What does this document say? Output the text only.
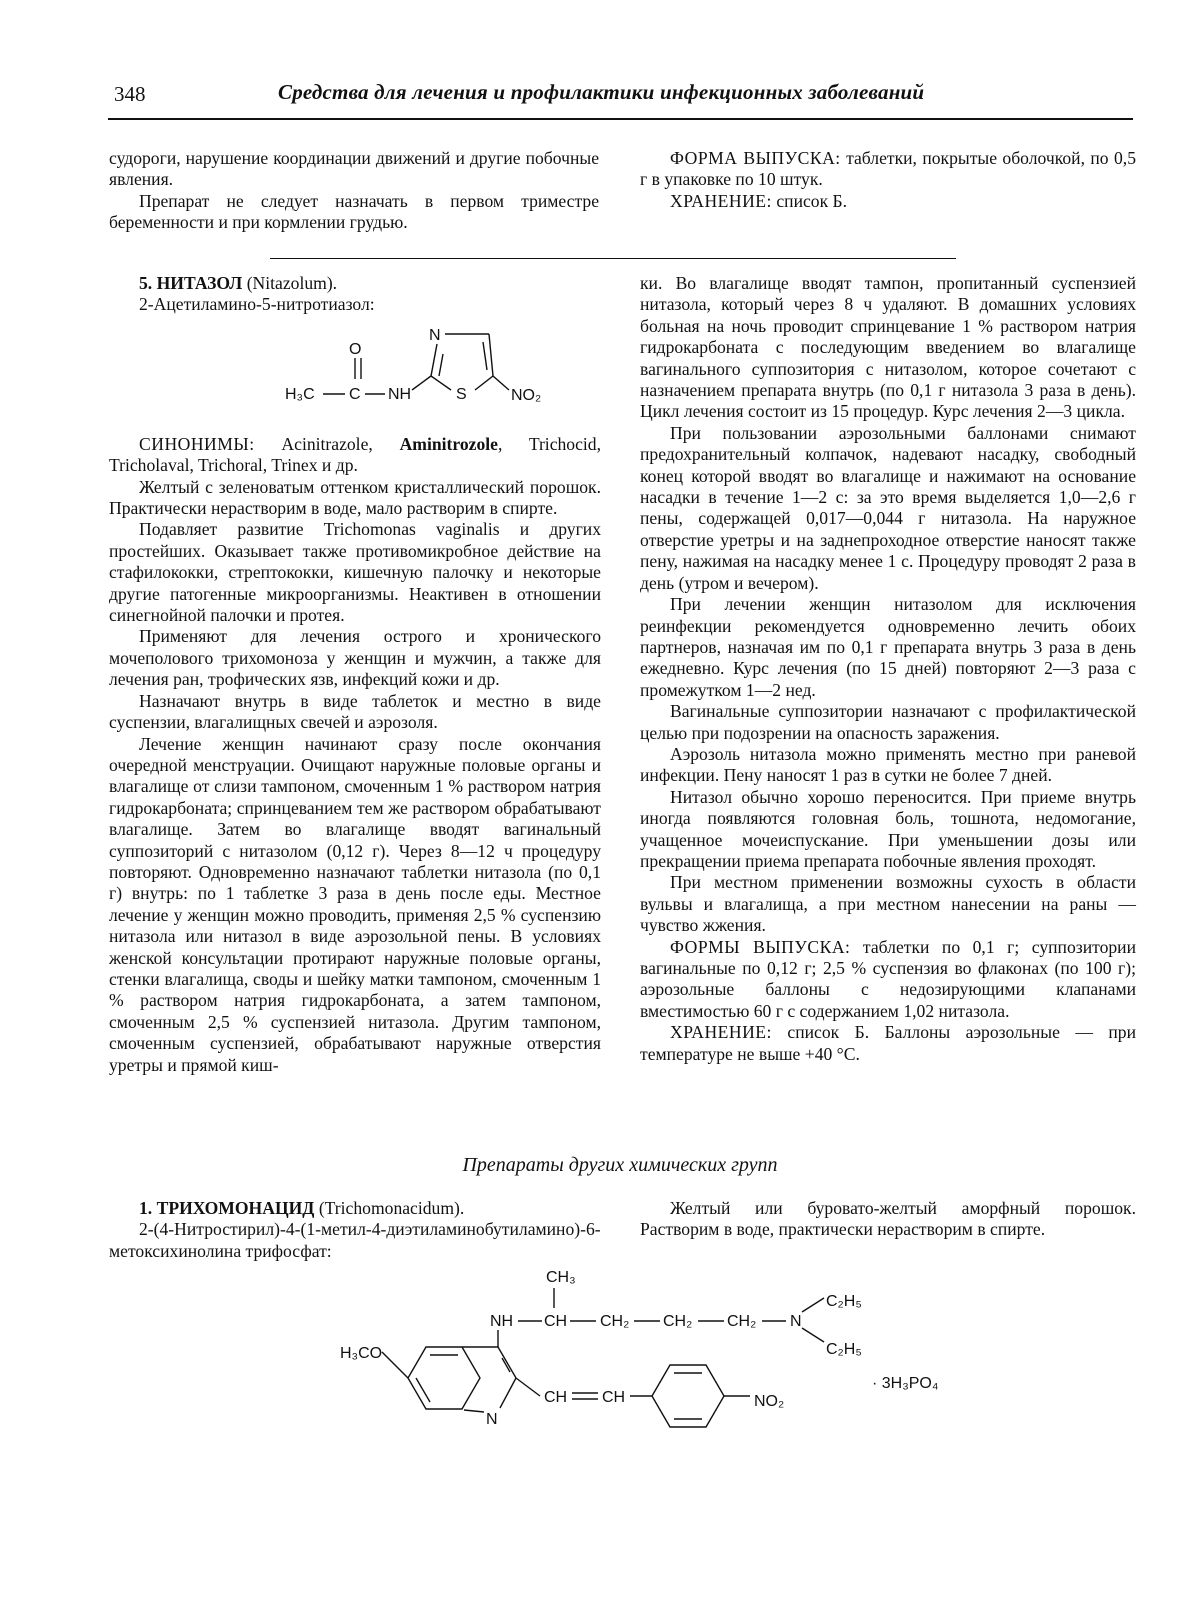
348	Средства для лечения и профилактики инфекционных заболеваний

судороги, нарушение координации движений и другие побочные явления.

Препарат не следует назначать в первом триместре беременности и при кормлении грудью.

ФОРМА ВЫПУСКА: таблетки, покрытые оболочкой, по 0,5 г в упаковке по 10 штук.

ХРАНЕНИЕ: список Б.

5. НИТАЗОЛ (Nitazolum).

2-Ацетиламино-5-нитротиазол:

H₃C C
O
NH
N
S	NO₂

СИНОНИМЫ: Acinitrazole, Aminitrozole, Trichocid, Tricholaval, Trichoral, Trinex и др.

Желтый с зеленоватым оттенком кристаллический порошок. Практически нерастворим в воде, мало растворим в спирте.

Подавляет развитие Trichomonas vaginalis и других простейших. Оказывает также противомикробное действие на стафилококки, стрептококки, кишечную палочку и некоторые другие патогенные микроорганизмы. Неактивен в отношении синегнойной палочки и протея.

Применяют для лечения острого и хронического мочеполового трихомоноза у женщин и мужчин, а также для лечения ран, трофических язв, инфекций кожи и др.

Назначают внутрь в виде таблеток и местно в виде суспензии, влагалищных свечей и аэрозоля.

Лечение женщин начинают сразу после окончания очередной менструации. Очищают наружные половые органы и влагалище от слизи тампоном, смоченным 1 % раствором натрия гидрокарбоната; спринцеванием тем же раствором обрабатывают влагалище. Затем во влагалище вводят вагинальный суппозиторий с нитазолом (0,12 г). Через 8—12 ч процедуру повторяют. Одновременно назначают таблетки нитазола (по 0,1 г) внутрь: по 1 таблетке 3 раза в день после еды. Местное лечение у женщин можно проводить, применяя 2,5 % суспензию нитазола или нитазол в виде аэрозольной пены. В условиях женской консультации протирают наружные половые органы, стенки влагалища, своды и шейку матки тампоном, смоченным 1 % раствором натрия гидрокарбоната, а затем тампоном, смоченным 2,5 % суспензией нитазола. Другим тампоном, смоченным суспензией, обрабатывают наружные отверстия уретры и прямой киш-

ки. Во влагалище вводят тампон, пропитанный суспензией нитазола, который через 8 ч удаляют. В домашних условиях больная на ночь проводит спринцевание 1 % раствором натрия гидрокарбоната с последующим введением во влагалище вагинального суппозитория с нитазолом, которое сочетают с назначением препарата внутрь (по 0,1 г нитазола 3 раза в день). Цикл лечения состоит из 15 процедур. Курс лечения 2—3 цикла.

При пользовании аэрозольными баллонами снимают предохранительный колпачок, надевают насадку, свободный конец которой вводят во влагалище и нажимают на основание насадки в течение 1—2 с: за это время выделяется 1,0—2,6 г пены, содержащей 0,017—0,044 г нитазола. На наружное отверстие уретры и на заднепроходное отверстие наносят также пену, нажимая на насадку менее 1 с. Процедуру проводят 2 раза в день (утром и вечером).

При лечении женщин нитазолом для исключения реинфекции рекомендуется одновременно лечить обоих партнеров, назначая им по 0,1 г препарата внутрь 3 раза в день ежедневно. Курс лечения (по 15 дней) повторяют 2—3 раза с промежутком 1—2 нед.

Вагинальные суппозитории назначают с профилактической целью при подозрении на опасность заражения.

Аэрозоль нитазола можно применять местно при раневой инфекции. Пену наносят 1 раз в сутки не более 7 дней.

Нитазол обычно хорошо переносится. При приеме внутрь иногда появляются головная боль, тошнота, недомогание, учащенное мочеиспускание. При уменьшении дозы или прекращении приема препарата побочные явления проходят.

При местном применении возможны сухость в области вульвы и влагалища, а при местном нанесении на раны — чувство жжения.

ФОРМЫ ВЫПУСКА: таблетки по 0,1 г; суппозитории вагинальные по 0,12 г; 2,5 % суспензия во флаконах (по 100 г); аэрозольные баллоны с недозирующими клапанами вместимостью 60 г с содержанием 1,02 нитазола.

ХРАНЕНИЕ: список Б. Баллоны аэрозольные — при температуре не выше +40 °С.

Препараты других химических групп

1. ТРИХОМОНАЦИД (Trichomonacidum).

2-(4-Нитростирил)-4-(1-метил-4-диэтиламинобутиламино)-6-метоксихинолина трифосфат:

Желтый или буровато-желтый аморфный порошок. Растворим в воде, практически нерастворим в спирте.

CH₃
NH CH CH₂ CH₂ CH₂ N
C₂H₅
C₂H₅
· 3H₃PO₄
N
H₃CO
CH CH	NO₂
